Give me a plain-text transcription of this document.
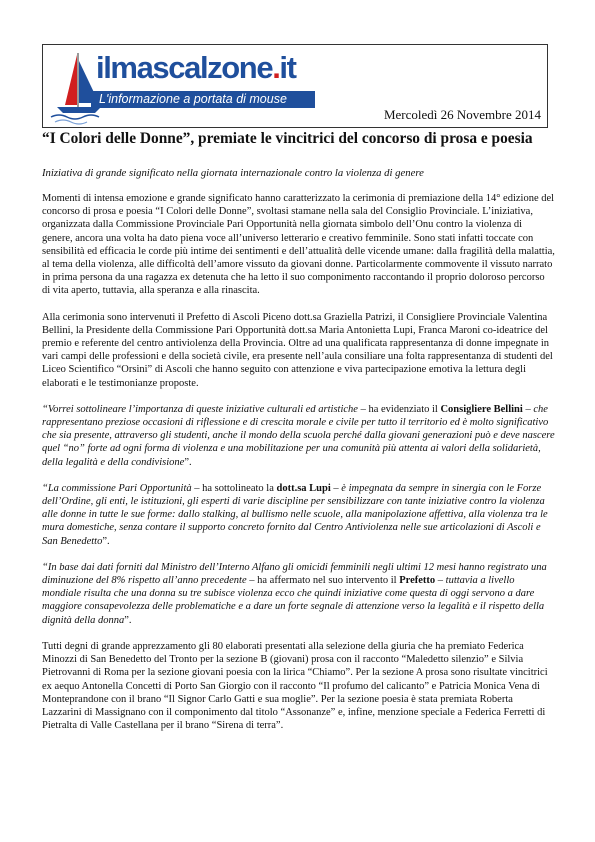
ilmascalzone.it
L'informazione a portata di mouse
Mercoledì 26 Novembre 2014
“I Colori delle Donne”, premiate le vincitrici del concorso di prosa e poesia

Iniziativa di grande significato nella giornata internazionale contro la violenza di genere

Momenti di intensa emozione e grande significato hanno caratterizzato la cerimonia di premiazione della 14° edizione del concorso di prosa e poesia “I Colori delle Donne”, svoltasi stamane nella sala del Consiglio Provinciale. L’iniziativa, organizzata dalla Commissione Provinciale Pari Opportunità nella giornata simbolo dell’Onu contro la violenza di genere, ancora una volta ha dato piena voce all’universo letterario e creativo femminile. Sono stati infatti toccate con sensibilità ed efficacia le corde più intime dei sentimenti e dell’attualità delle vicende umane: dalla fragilità della malattia, al tema della violenza, alle difficoltà dell’amore vissuto da giovani donne. Particolarmente commovente il vissuto narrato in prima persona da una ragazza ex detenuta che ha letto il suo componimento raccontando il proprio doloroso percorso di vita aperto, tuttavia, alla speranza e alla rinascita.

Alla cerimonia sono intervenuti il Prefetto di Ascoli Piceno dott.sa Graziella Patrizi, il Consigliere Provinciale Valentina Bellini, la Presidente della Commissione Pari Opportunità dott.sa Maria Antonietta Lupi, Franca Maroni co-ideatrice del premio e referente del centro antiviolenza della Provincia. Oltre ad una qualificata rappresentanza di donne impegnate in vari campi delle professioni e della società civile, era presente nell’aula consiliare una folta rappresentanza di studenti del Liceo Scientifico “Orsini” di Ascoli che hanno seguito con attenzione e viva partecipazione emotiva la lettura degli elaborati e le testimonianze proposte.

“Vorrei sottolineare l’importanza di queste iniziative culturali ed artistiche – ha evidenziato il Consigliere Bellini – che rappresentano preziose occasioni di riflessione e di crescita morale e civile per tutto il territorio ed è molto significativo che sia presente, attraverso gli studenti, anche il mondo della scuola perché dalla giovani generazioni può e deve nascere quel “no” forte ad ogni forma di violenza e una mobilitazione per una comunità più attenta ai valori della solidarietà, della legalità e della condivisione”.

“La commissione Pari Opportunità – ha sottolineato la dott.sa Lupi – è impegnata da sempre in sinergia con le Forze dell’Ordine, gli enti, le istituzioni, gli esperti di varie discipline per sensibilizzare con tante iniziative contro la violenza alle donne in tutte le sue forme: dallo stalking, al bullismo nelle scuole, alla manipolazione affettiva, alla violenza tra le mura domestiche, senza contare il supporto concreto fornito dal Centro Antiviolenza nelle sue articolazioni di Ascoli e San Benedetto”.

“In base dai dati forniti dal Ministro dell’Interno Alfano gli omicidi femminili negli ultimi 12 mesi hanno registrato una diminuzione del 8% rispetto all’anno precedente – ha affermato nel suo intervento il Prefetto – tuttavia a livello mondiale risulta che una donna su tre subisce violenza ecco che quindi iniziative come questa di oggi servono a dare maggiore consapevolezza delle problematiche e a dare un forte segnale di attenzione verso la legalità e il rispetto della dignità della donna”.

Tutti degni di grande apprezzamento gli 80 elaborati presentati alla selezione della giuria che ha premiato Federica Minozzi di San Benedetto del Tronto per la sezione B (giovani) prosa con il racconto “Maledetto silenzio” e Silvia Pietrovanni di Roma per la sezione giovani poesia con la lirica “Chiamo”. Per la sezione A prosa sono risultate vincitrici ex aequo Antonella Concetti di Porto San Giorgio con il racconto “Il profumo del calicanto” e Patricia Monica Vena di Monteprandone con il brano “Il Signor Carlo Gatti e sua moglie”. Per la sezione poesia è stata premiata Roberta Lazzarini di Massignano con il componimento dal titolo “Assonanze” e, infine, menzione speciale a Federica Ferretti di Pietralta di Valle Castellana per il brano “Sirena di terra”.
